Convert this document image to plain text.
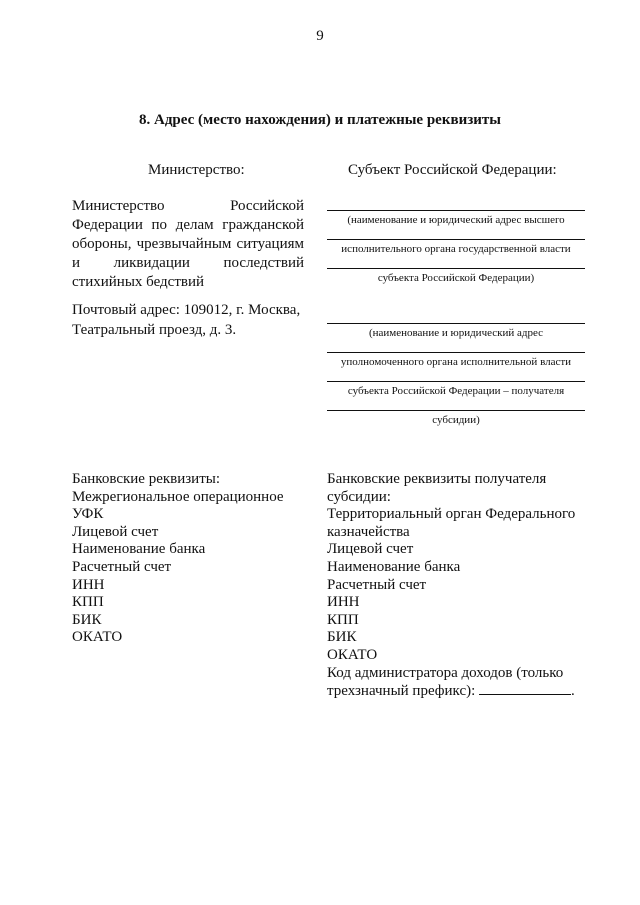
9
8. Адрес (место нахождения) и платежные реквизиты
Министерство:	Субъект Российской Федерации:
Министерство Российской
Федерации по делам гражданской
обороны, чрезвычайным ситуациям
и ликвидации последствий
стихийных бедствий
Почтовый адрес: 109012, г. Москва,
Театральный проезд, д. 3.
(наименование и юридический адрес высшего
исполнительного органа государственной власти
субъекта Российской Федерации)
(наименование и юридический адрес
уполномоченного органа исполнительной власти
субъекта Российской Федерации – получателя
субсидии)
Банковские реквизиты:
Межрегиональное операционное
УФК
Лицевой счет
Наименование банка
Расчетный счет
ИНН
КПП
БИК
ОКАТО
Банковские реквизиты получателя
субсидии:
Территориальный орган Федерального
казначейства
Лицевой счет
Наименование банка
Расчетный счет
ИНН
КПП
БИК
ОКАТО
Код администратора доходов (только
трехзначный префикс):	.
